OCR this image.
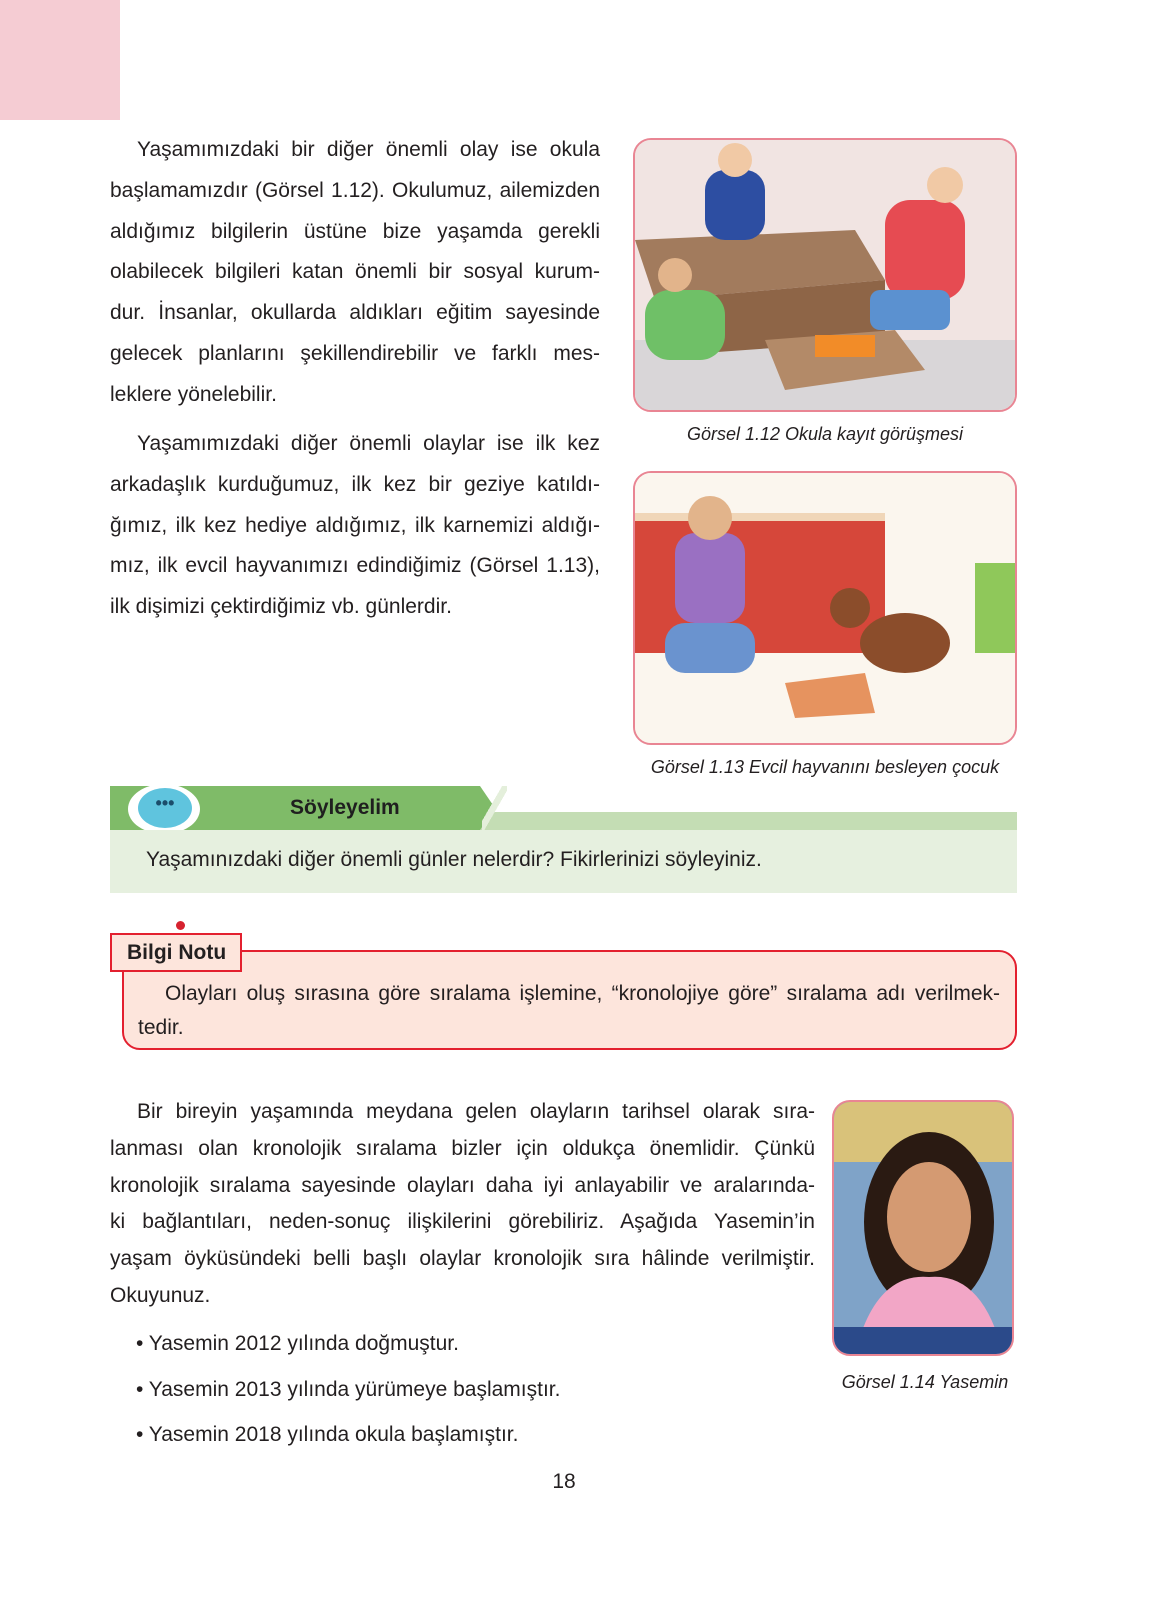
Yaşamımızdaki bir diğer önemli olay ise okula
başlamamızdır (Görsel 1.12). Okulumuz, ailemizden
aldığımız bilgilerin üstüne bize yaşamda gerekli
olabilecek bilgileri katan önemli bir sosyal kurum-
dur. İnsanlar, okullarda aldıkları eğitim sayesinde
gelecek planlarını şekillendirebilir ve farklı mes-
leklere yönelebilir.
Yaşamımızdaki diğer önemli olaylar ise ilk kez
arkadaşlık kurduğumuz, ilk kez bir geziye katıldı-
ğımız, ilk kez hediye aldığımız, ilk karnemizi aldığı-
mız, ilk evcil hayvanımızı edindiğimiz (Görsel 1.13),
ilk dişimizi çektirdiğimiz vb. günlerdir.
Görsel 1.12 Okula kayıt görüşmesi
Görsel 1.13 Evcil hayvanını besleyen çocuk
•••	Söyleyelim
Yaşamınızdaki diğer önemli günler nelerdir? Fikirlerinizi söyleyiniz.
Bilgi Notu
Olayları oluş sırasına göre sıralama işlemine, “kronolojiye göre” sıralama adı verilmek-
tedir.
Bir bireyin yaşamında meydana gelen olayların tarihsel olarak sıra-
lanması olan kronolojik sıralama bizler için oldukça önemlidir. Çünkü
kronolojik sıralama sayesinde olayları daha iyi anlayabilir ve aralarında-
ki bağlantıları, neden-sonuç ilişkilerini görebiliriz. Aşağıda Yasemin’in
yaşam öyküsündeki belli başlı olaylar kronolojik sıra hâlinde verilmiştir.
Okuyunuz.
Görsel 1.14 Yasemin
• Yasemin 2012 yılında doğmuştur.
• Yasemin 2013 yılında yürümeye başlamıştır.
• Yasemin 2018 yılında okula başlamıştır.
18
